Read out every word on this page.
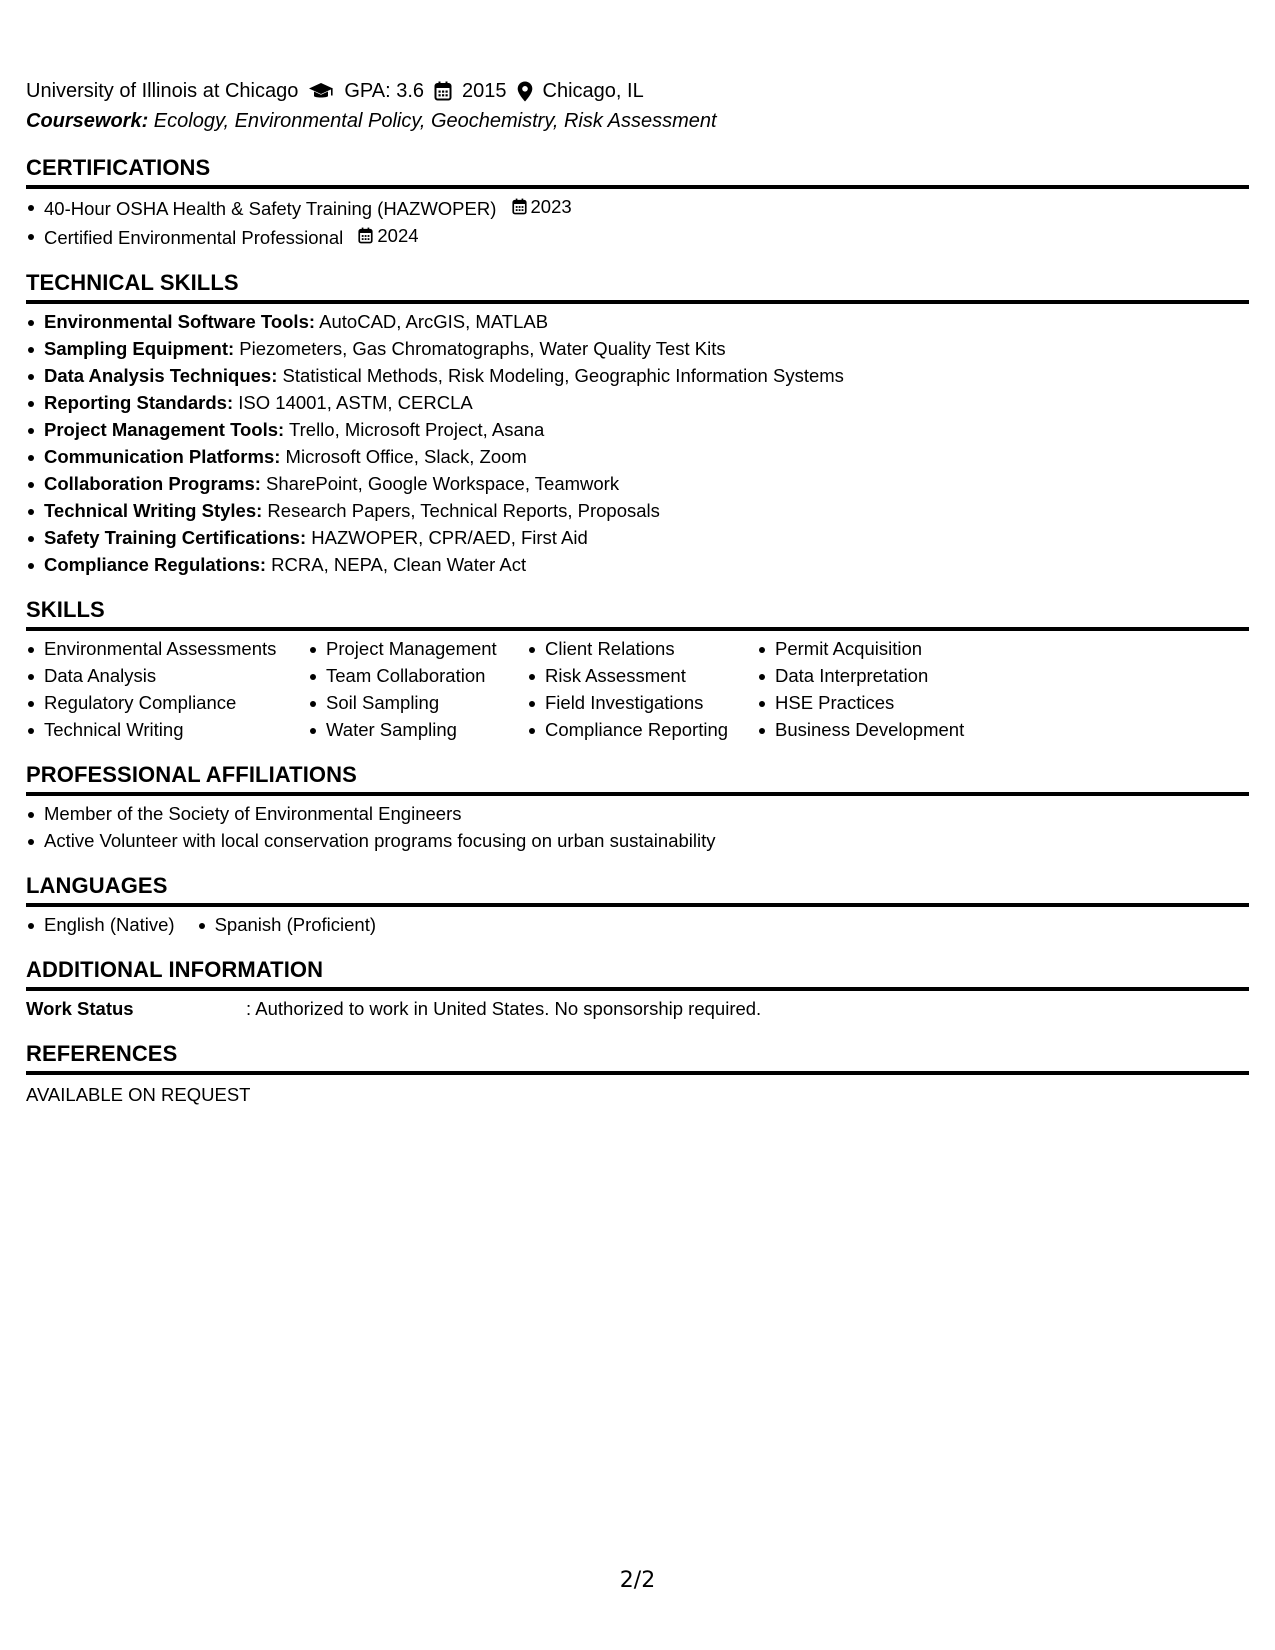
University of Illinois at Chicago GPA: 3.6 2015 Chicago, IL
Coursework: Ecology, Environmental Policy, Geochemistry, Risk Assessment
CERTIFICATIONS
40-Hour OSHA Health & Safety Training (HAZWOPER) 2023
Certified Environmental Professional 2024
TECHNICAL SKILLS
Environmental Software Tools: AutoCAD, ArcGIS, MATLAB
Sampling Equipment: Piezometers, Gas Chromatographs, Water Quality Test Kits
Data Analysis Techniques: Statistical Methods, Risk Modeling, Geographic Information Systems
Reporting Standards: ISO 14001, ASTM, CERCLA
Project Management Tools: Trello, Microsoft Project, Asana
Communication Platforms: Microsoft Office, Slack, Zoom
Collaboration Programs: SharePoint, Google Workspace, Teamwork
Technical Writing Styles: Research Papers, Technical Reports, Proposals
Safety Training Certifications: HAZWOPER, CPR/AED, First Aid
Compliance Regulations: RCRA, NEPA, Clean Water Act
SKILLS
Environmental Assessments
Data Analysis
Regulatory Compliance
Technical Writing
Project Management
Team Collaboration
Soil Sampling
Water Sampling
Client Relations
Risk Assessment
Field Investigations
Compliance Reporting
Permit Acquisition
Data Interpretation
HSE Practices
Business Development
PROFESSIONAL AFFILIATIONS
Member of the Society of Environmental Engineers
Active Volunteer with local conservation programs focusing on urban sustainability
LANGUAGES
English (Native)	Spanish (Proficient)
ADDITIONAL INFORMATION
Work Status	: Authorized to work in United States. No sponsorship required.
REFERENCES
AVAILABLE ON REQUEST
2/2
